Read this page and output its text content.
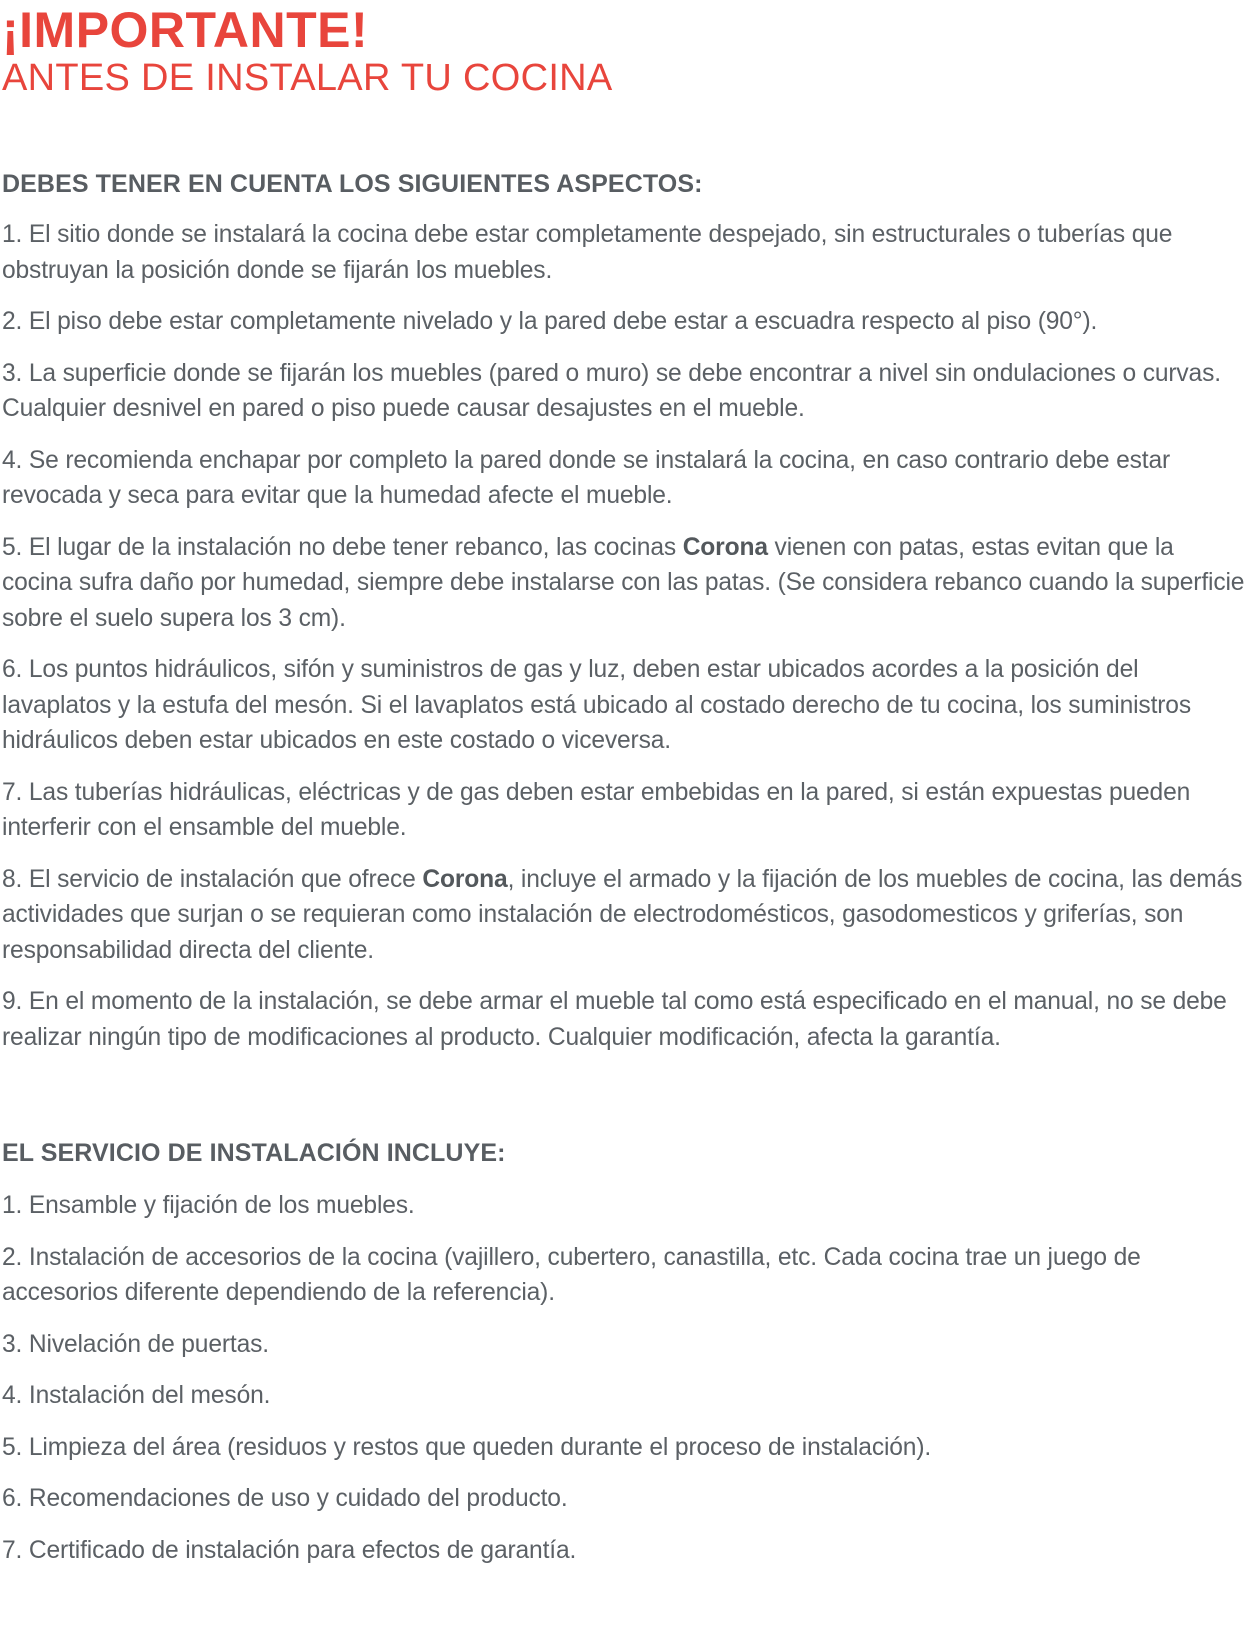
¡IMPORTANTE!
ANTES DE INSTALAR TU COCINA
DEBES TENER EN CUENTA LOS SIGUIENTES ASPECTOS:
1. El sitio donde se instalará la cocina debe estar completamente despejado, sin estructurales o tuberías que obstruyan la posición donde se fijarán los muebles.
2. El piso debe estar completamente nivelado y la pared debe estar a escuadra respecto al piso (90°).
3. La superficie donde se fijarán los muebles (pared o muro) se debe encontrar a nivel sin ondulaciones o curvas. Cualquier desnivel en pared o piso puede causar desajustes en el mueble.
4. Se recomienda enchapar por completo la pared donde se instalará la cocina, en caso contrario debe estar revocada y seca para evitar que la humedad afecte el mueble.
5. El lugar de la instalación no debe tener rebanco, las cocinas Corona vienen con patas, estas evitan que la cocina sufra daño por humedad, siempre debe instalarse con las patas. (Se considera rebanco cuando la superficie sobre el suelo supera los 3 cm).
6. Los puntos hidráulicos, sifón y suministros de gas y luz, deben estar ubicados acordes a la posición del lavaplatos y la estufa del mesón. Si el lavaplatos está ubicado al costado derecho de tu cocina, los suministros hidráulicos deben estar ubicados en este costado o viceversa.
7. Las tuberías hidráulicas, eléctricas y de gas deben estar embebidas en la pared, si están expuestas pueden interferir con el ensamble del mueble.
8. El servicio de instalación que ofrece Corona, incluye el armado y la fijación de los muebles de cocina, las demás actividades que surjan o se requieran como instalación de electrodomésticos, gasodomesticos y griferías, son responsabilidad directa del cliente.
9. En el momento de la instalación, se debe armar el mueble tal como está especificado en el manual, no se debe realizar ningún tipo de modificaciones al producto. Cualquier modificación, afecta la garantía.
EL SERVICIO DE INSTALACIÓN INCLUYE:
1. Ensamble y fijación de los muebles.
2. Instalación de accesorios de la cocina (vajillero, cubertero, canastilla, etc. Cada cocina trae un juego de accesorios diferente dependiendo de la referencia).
3. Nivelación de puertas.
4. Instalación del mesón.
5. Limpieza del área (residuos y restos que queden durante el proceso de instalación).
6. Recomendaciones de uso y cuidado del producto.
7. Certificado de instalación para efectos de garantía.
